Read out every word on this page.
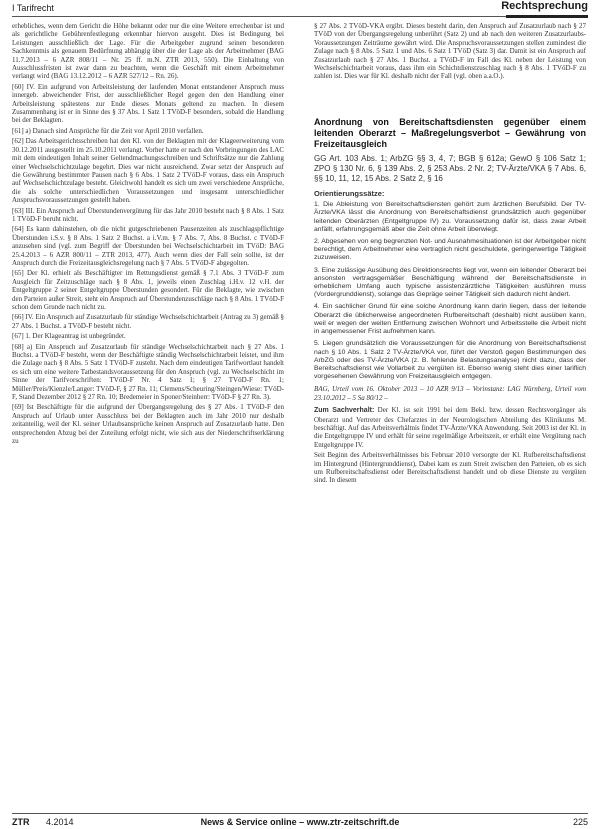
I Tarifrecht	Rechtsprechung

erhebliches, wenn dem Gericht die Höhe bekannt oder nur die eine Weitere errechenbar ist und als gerichtliche Gebührenfestlegung erkennbar hiervon ausgeht. Dies ist Bedingung bei Leistungen ausschließlich der Lage. Für die Arbeitgeber zugrund seinen besonderen Sachkenntnis als genauem Bedürfnung abhängig über die der Lage als der Arbeitnehmer (BAG 11.7.2013 – 6 AZR 808/11 – Nr. 25 ff. m.N. ZTR 2013, 550). Die Einhaltung von Ausschlussfristen ist zwar dann zu beachten, wenn die Geschäft mit einem Arbeitnehmer verlangt wird (BAG 13.12.2012 – 6 AZR 527/12 – Rn. 26).

[60] IV. Ein aufgrund von Arbeitsleistung der laufenden Monat entstandener Anspruch muss innergeb. abweichender Frist, der ausschließlicher Regel gegen den den Handlung einer Arbeitsleistung spätestens zur Ende dieses Monats geltend zu machen. In diesem Zusammenhang ist er in Sinne des § 37 Abs. 1 Satz 1 TVöD-F besonders, sobald die Handlung bei der Beklagten.

[61] a) Danach sind Ansprüche für die Zeit vor April 2010 verfallen.

[62] Das Arbeitsgerichtsschreiben hat den Kl. von der Beklagten mit der Klageerweiterung vom 30.12.2011 ausgestellt im 25.10.2011 verlangt. Vorher hatte er nach den Vorbringungen des LAC mit dem eindeutigen Inhalt seiner Geltendmachungsschreiben und Schriftsätze nur die Zahlung einer Wechselschichtzulage begehrt. Dies war nicht ausreichend. Zwar setzt der Anspruch auf die Gewährung bestimmter Pausen nach § 6 Abs. 1 Satz 2 TVöD-F voraus, dass ein Anspruch auf Wechselschichtzulage besteht. Gleichwohl handelt es sich um zwei verschiedene Ansprüche, die als solche unterschiedlichen Voraussetzungen und insgesamt unterschiedlicher Anspruchsvoraussetzungen gestellt haben.

[63] III. Ein Anspruch auf Überstundenvergütung für das Jahr 2010 besteht nach § 8 Abs. 1 Satz 1 TVöD-F beruht nicht.

[64] Es kann dahinstehen, ob die nicht gutgeschriebenen Pausenzeiten als zuschlagspflichtige Überstunden i.S.v. § 8 Abs. 1 Satz 2 Buchst. a i.V.m. § 7 Abs. 7, Abs. 8 Buchst. c TVöD-F anzusehen sind (vgl. zum Begriff der Überstunden bei Wechselschichtarbeit im TVöD: BAG 25.4.2013 – 6 AZR 800/11 – ZTR 2013, 477). Auch wenn dies der Fall sein sollte, ist der Anspruch durch die Freizeitausgleichsregelung nach § 7 Abs. 5 TVöD-F abgegolten.

[65] Der Kl. erhielt als Beschäftigter im Rettungsdienst gemäß § 7.1 Abs. 3 TVöD-F zum Ausgleich für Zeitzuschläge nach § 8 Abs. 1, jeweils einen Zuschlag i.H.v. 12 v.H. der Entgeltgruppe 2 seiner Entgeltgruppe Überstunden gesondert. Für die Beklagte, wie zwischen den Parteien außer Streit, steht ein Anspruch auf Überstundenzuschläge nach § 8 Abs. 1 TVöD-F schon dem Grunde nach nicht zu.

[66] IV. Ein Anspruch auf Zusatzurlaub für ständige Wechselschichtarbeit (Antrag zu 3) gemäß § 27 Abs. 1 Buchst. a TVöD-F besteht nicht.

[67] 1. Der Klageantrag ist unbegründet.

[68] a) Ein Anspruch auf Zusatzurlaub für ständige Wechselschichtarbeit nach § 27 Abs. 1 Buchst. a TVöD-F besteht, wenn der Beschäftigte ständig Wechselschichtarbeit leistet, und ihm die Zulage nach § 8 Abs. 5 Satz 1 TVöD-F zusteht. Nach dem eindeutigen Tarifwortlaut handelt es sich um eine weitere Tatbestandsvoraussetzung für den Anspruch (vgl. zu Wechselschicht im Sinne der Tarifvorschriften: TVöD-F Nr. 4 Satz 1; § 27 TVöD-F Rn. 1; Müller/Preis/Kienzle/Langer: TVöD-F, § 27 Rn. 11; Clemens/Scheuring/Steingen/Wiese: TVöD-F, Stand Dezember 2012 § 27 Rn. 10; Bredemeier in Sponer/Steinherr: TVöD-F § 27 Rn. 3).

[69] Ist Beschäftigte für die aufgrund der Übergangsregelung des § 27 Abs. 1 TVöD-F den Anspruch auf Urlaub unter Ausschluss bei der Beklagten auch im Jahr 2010 nur deshalb zeitanteilig, weil der Kl. seiner Urlaubsansprüche keinen Anspruch auf Zusatzurlaub hatte. Den entsprechenden Abzug bei der Zuteilung erfolgt nicht, wie sich aus der Niederschriftserklärung zu

§ 27 Abs. 2 TVöD-VKA ergibt. Dieses besteht darin, den Anspruch auf Zusatzurlaub nach § 27 TVöD von der Übergangsregelung unberührt (Satz 2) und ab nach den weiteren Zusatzurlaubs-Voraussetzungen Zeiträume gewährt wird. Die Anspruchsvoraussetzungen stellen zumindest die Zulage nach § 8 Abs. 5 Satz 1 und Abs. 6 Satz 1 TVöD (Satz 3) dar. Damit ist ein Anspruch auf Zusatzurlaub nach § 27 Abs. 1 Buchst. a TVöD-F im Fall des Kl. neben der Leistung von Wechselschichtarbeit voraus, dass ihm ein Schichtdienstzuschlag nach § 8 Abs. 1 TVöD-F zu zahlen ist. Dies war für Kl. deshalb nicht der Fall (vgl. oben a.a.O.).

Anordnung von Bereitschaftsdiensten gegenüber einem leitenden Oberarzt – Maßregelungsverbot – Gewährung von Freizeitausgleich

GG Art. 103 Abs. 1; ArbZG §§ 3, 4, 7; BGB § 612a; GewO § 106 Satz 1; ZPO § 130 Nr. 6, § 139 Abs. 2, § 253 Abs. 2 Nr. 2; TV-Ärzte/VKA § 7 Abs. 6, §§ 10, 11, 12, 15 Abs. 2 Satz 2, § 16

Orientierungssätze:

1. Die Ableistung von Bereitschaftsdiensten gehört zum ärztlichen Berufsbild. Der TV-Ärzte/VKA lässt die Anordnung von Bereitschaftsdienst grundsätzlich auch gegenüber leitenden Oberärzten (Entgeltgruppe IV) zu. Voraussetzung dafür ist, dass zwar Arbeit anfällt, erfahrungsgemäß aber die Zeit ohne Arbeit überwiegt.

2. Abgesehen von eng begrenzten Not- und Ausnahmesituationen ist der Arbeitgeber nicht berechtigt, dem Arbeitnehmer eine vertraglich nicht geschuldete, geringerwertige Tätigkeit zuzuweisen.

3. Eine zulässige Ausübung des Direktionsrechts liegt vor, wenn ein leitender Oberarzt bei ansonsten vertragsgemäßer Beschäftigung während der Bereitschaftsdienste in erheblichem Umfang auch typische assistenzärztliche Tätigkeiten ausführen muss (Vordergrunddienst), solange das Gepräge seiner Tätigkeit sich dadurch nicht ändert.

4. Ein sachlicher Grund für eine solche Anordnung kann darin liegen, dass der leitende Oberarzt die üblicherweise angeordneten Rufbereitschaft (deshalb) nicht ausüben kann, weil er wegen der weiten Entfernung zwischen Wohnort und Arbeitsstelle die Arbeit nicht in angemessener Frist aufnehmen kann.

5. Liegen grundsätzlich die Voraussetzungen für die Anordnung von Bereitschaftsdienst nach § 10 Abs. 1 Satz 2 TV-Ärzte/VKA vor, führt der Verstoß gegen Bestimmungen des ArbZG oder des TV-Ärzte/VKA (z. B. fehlende Belastungsanalyse) nicht dazu, dass der Bereitschaftsdienst wie Vollarbeit zu vergüten ist. Ebenso wenig steht dies einer tariflich vorgesehenen Gewährung von Freizeitausgleich entgegen.

BAG, Urteil vom 16. Oktober 2013 – 10 AZR 9/13 – Vorinstanz: LAG Nürnberg, Urteil vom 23.10.2012 – 5 Sa 80/12 –

Zum Sachverhalt: Der Kl. ist seit 1991 bei dem Bekl. bzw. dessen Rechtsvorgänger als Oberarzt und Vertreter des Chefarztes in der Neurologischen Abteilung des Klinikums M. beschäftigt. Auf das Arbeitsverhältnis findet TV-Ärzte/VKA Anwendung. Seit 2003 ist der Kl. in die Entgeltgruppe IV und erhält für seine regelmäßige Arbeitszeit, er erhält eine Vergütung nach Entgeltgruppe IV.

Seit Beginn des Arbeitsverhältnisses bis Februar 2010 versorgte der Kl. Rufbereitschaftsdienst im Hintergrund (Hintergrunddienst), Dabei kam es zum Streit zwischen den Parteien, ob es sich um Rufbereitschaftsdienst oder Bereitschaftsdienst handelt und ob diese Dienste zu vergüten sind. In diesem

ZTR 4.2014	News & Service online – www.ztr-zeitschrift.de	225
